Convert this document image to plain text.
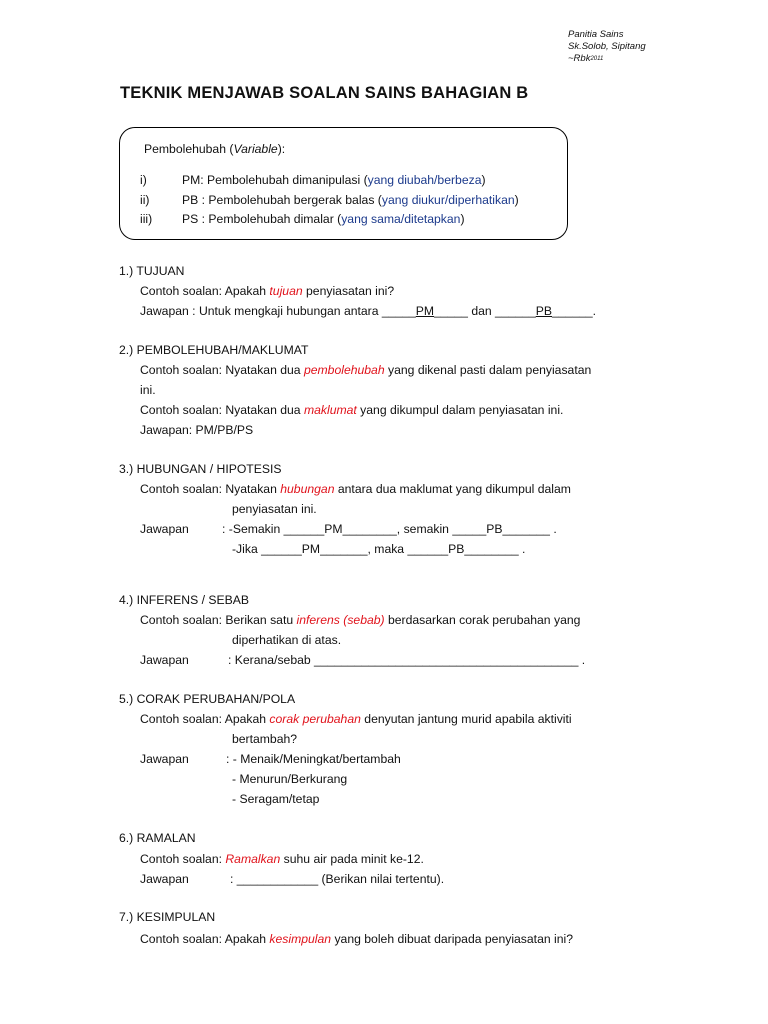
Panitia Sains
Sk.Solob, Sipitang
~Rbk$^{2011}$
TEKNIK MENJAWAB SOALAN SAINS BAHAGIAN B
Pembolehubah (Variable):
i)	PM: Pembolehubah dimanipulasi (yang diubah/berbeza)
ii)	PB : Pembolehubah bergerak balas (yang diukur/diperhatikan)
iii) PS : Pembolehubah dimalar (yang sama/ditetapkan)
1.) TUJUAN
Contoh soalan: Apakah tujuan penyiasatan ini?
Jawapan : Untuk mengkaji hubungan antara _____PM_____ dan ______PB______.
2.) PEMBOLEHUBAH/MAKLUMAT
Contoh soalan: Nyatakan dua pembolehubah yang dikenal pasti dalam penyiasatan
ini.
Contoh soalan: Nyatakan dua maklumat yang dikumpul dalam penyiasatan ini.
Jawapan: PM/PB/PS
3.) HUBUNGAN / HIPOTESIS
Contoh soalan: Nyatakan hubungan antara dua maklumat yang dikumpul dalam
penyiasatan ini.
Jawapan	: -Semakin ______PM________, semakin _____PB_______ .
-Jika ______PM_______, maka ______PB________ .
4.) INFERENS / SEBAB
Contoh soalan: Berikan satu inferens (sebab) berdasarkan corak perubahan yang
diperhatikan di atas.
Jawapan	: Kerana/sebab _______________________________________ .
5.) CORAK PERUBAHAN/POLA
Contoh soalan: Apakah corak perubahan denyutan jantung murid apabila aktiviti
bertambah?
Jawapan	: - Menaik/Meningkat/bertambah
- Menurun/Berkurang
- Seragam/tetap
6.) RAMALAN
Contoh soalan: Ramalkan suhu air pada minit ke-12.
Jawapan	: ____________ (Berikan nilai tertentu).
7.) KESIMPULAN
Contoh soalan: Apakah kesimpulan yang boleh dibuat daripada penyiasatan ini?
